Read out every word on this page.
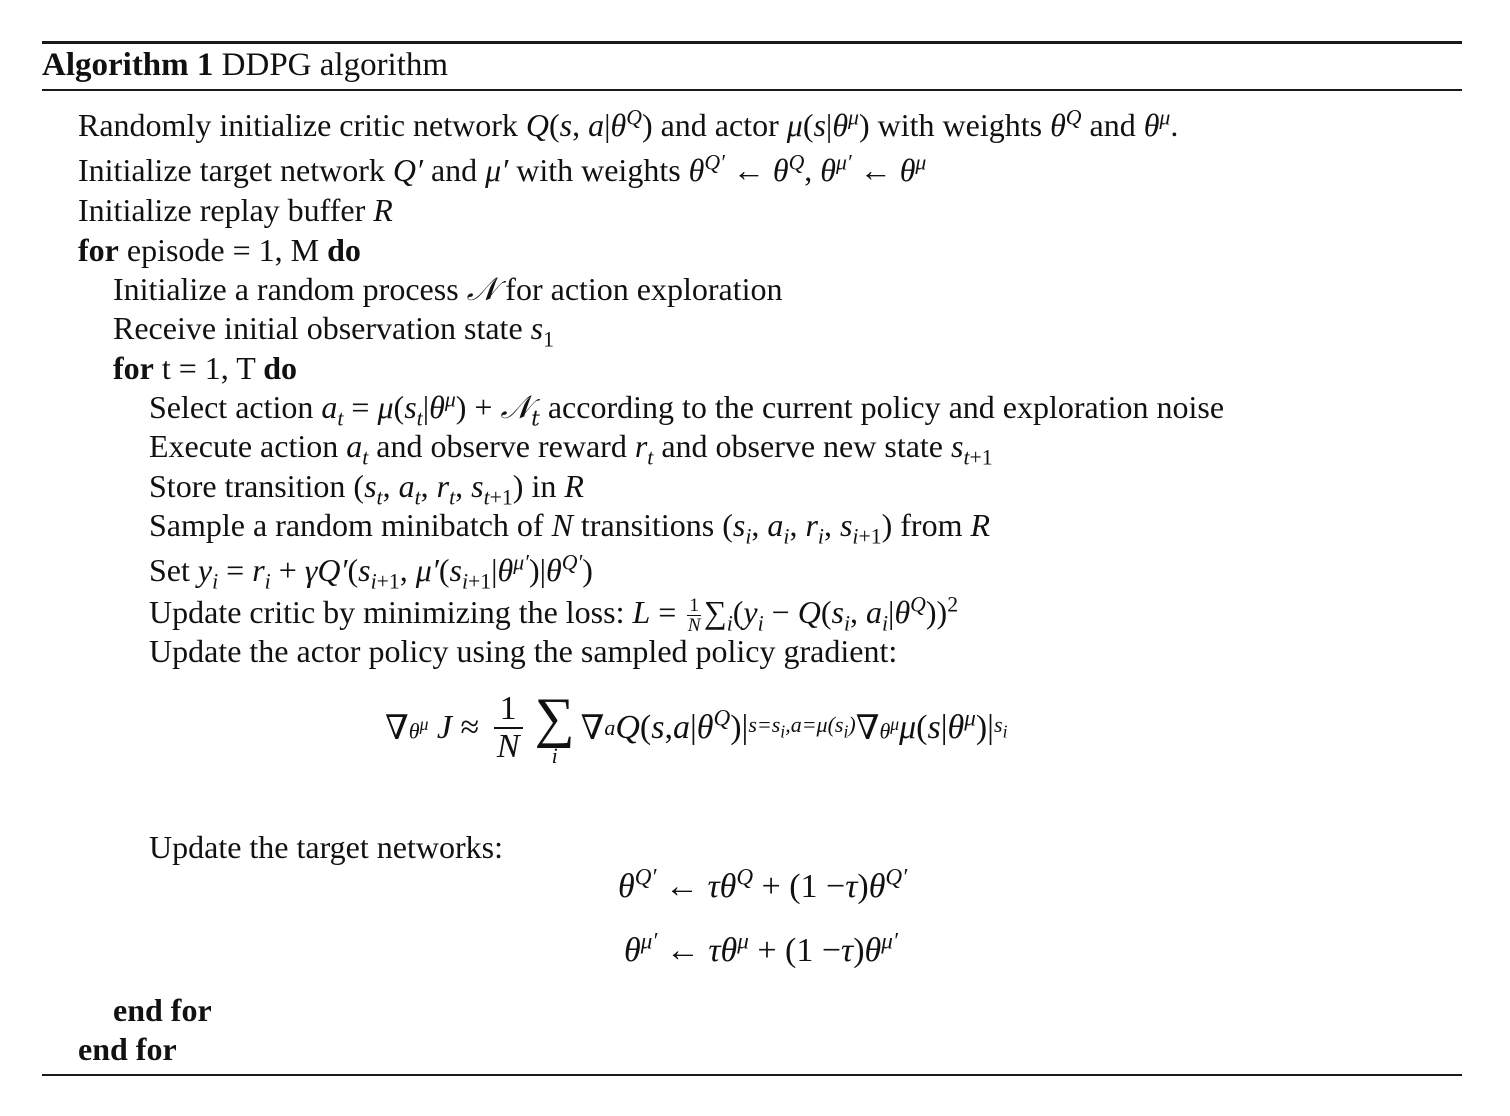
Algorithm 1 DDPG algorithm
Randomly initialize critic network Q(s, $a|\theta^Q$) and actor $\mu(s|\theta^\mu)$ with weights $\theta^Q$ and $\theta^\mu$.
Initialize target network Q′ and μ′ with weights $\theta^{Q'}$ ← $\theta^Q$, $\theta^{\mu'}$ ← $\theta^\mu$
Initialize replay buffer R
for episode = 1, M do
Initialize a random process 𝒩 for action exploration
Receive initial observation state $s_1$
for t = 1, T do
Select action $a_t = \mu(s_t|\theta^\mu)$ + 𝒩$_t$ according to the current policy and exploration noise
Execute action $a_t$ and observe reward $r_t$ and observe new state $s_{t+1}$
Store transition ($s_t$, $a_t$, $r_t$, $s_{t+1}$) in R
Sample a random minibatch of N transitions ($s_i$, $a_i$, $r_i$, $s_{i+1}$) from R
Set $y_i = r_i + \gamma Q'(s_{i+1}$, $\mu'(s_{i+1}|\theta^{\mu'})|\theta^{Q'}$)
Update critic by minimizing the loss: $L = \frac{1}{N} \sum_i(y_i - Q(s_i$, $a_i|\theta^Q))^2$
Update the actor policy using the sampled policy gradient:
∇ $\theta^\mu$ $J \approx \frac{1}{N}$ ∑
i
∇ a Q ( s , a | $\theta^Q$ )| $s=s_i,a=\mu(s_i)$ ∇ $\theta^\mu$ μ ( s | $\theta^\mu$ )| $s_i$
Update the target networks:
$\theta^{Q'}$ ← $\tau\theta^Q + (1 - \tau$ ) $\theta^{Q'}$
$\theta^{\mu'}$ ← $\tau\theta^\mu + (1 - \tau$ ) $\theta^{\mu'}$
end for
end for
